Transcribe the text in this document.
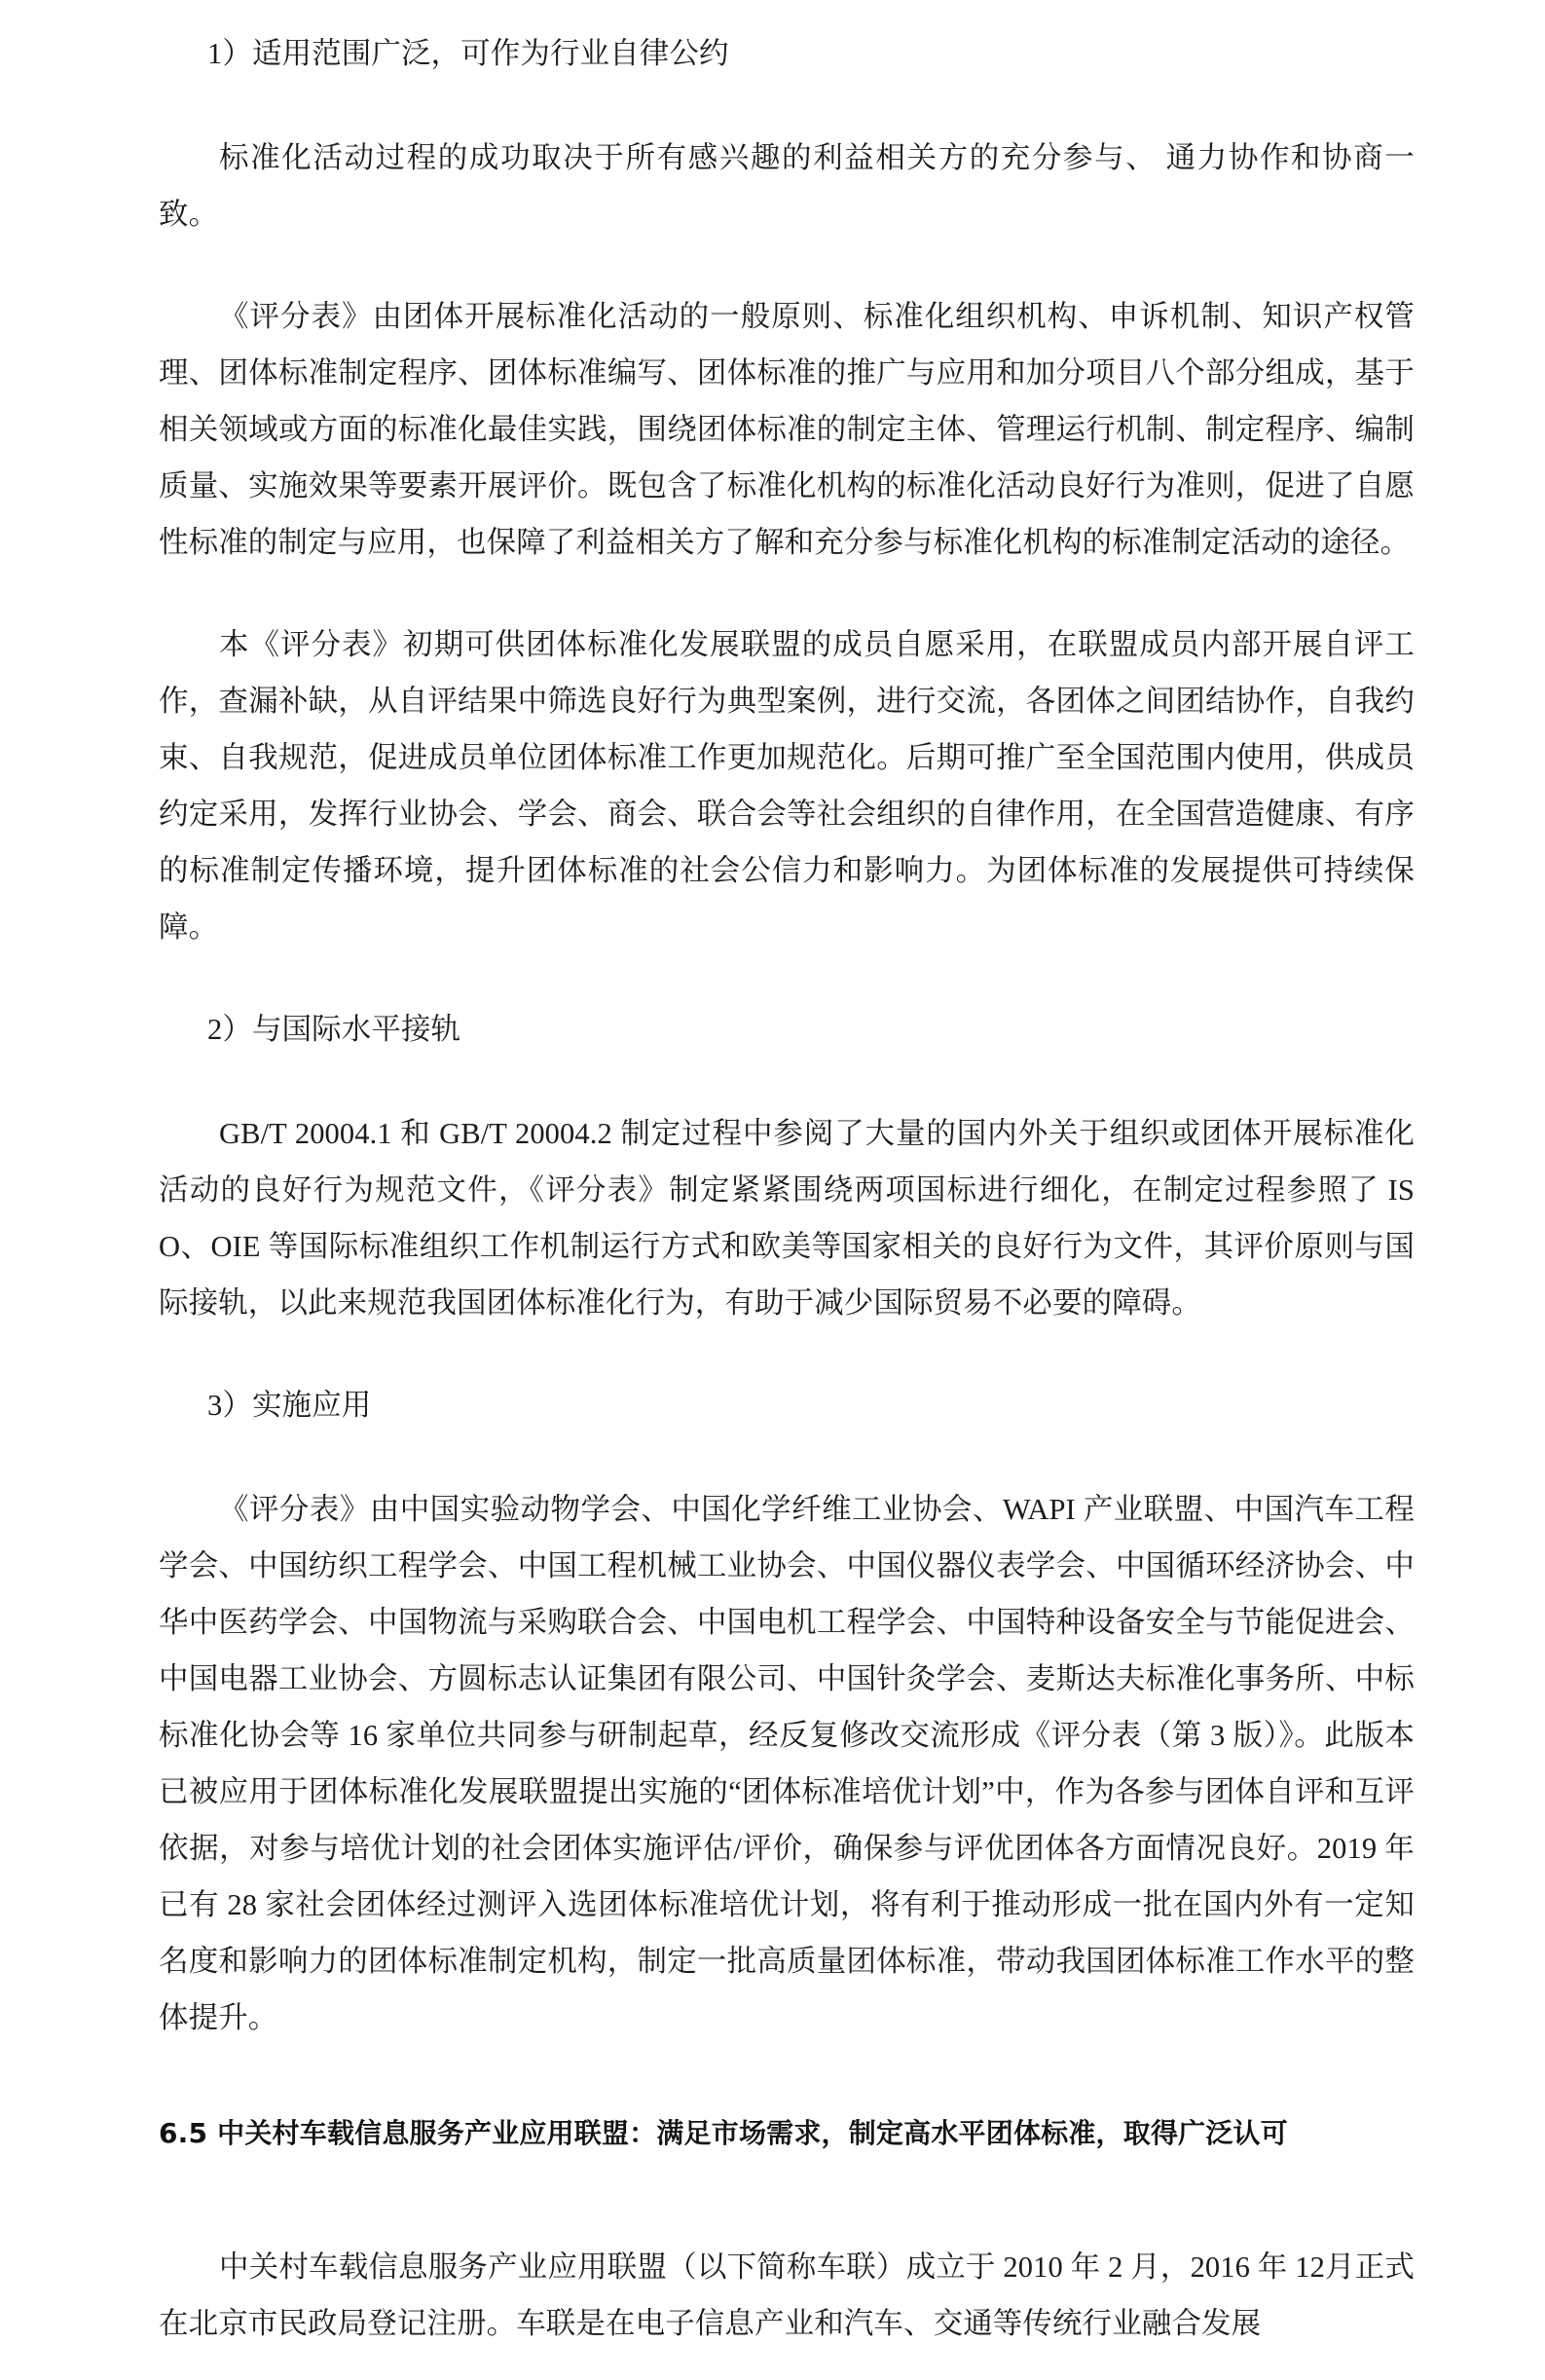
1）适用范围广泛，可作为行业自律公约

标准化活动过程的成功取决于所有感兴趣的利益相关方的充分参与、 通力协作和协商一致。

《评分表》由团体开展标准化活动的一般原则、标准化组织机构、申诉机制、知识产权管理、团体标准制定程序、团体标准编写、团体标准的推广与应用和加分项目八个部分组成，基于相关领域或方面的标准化最佳实践，围绕团体标准的制定主体、管理运行机制、制定程序、编制质量、实施效果等要素开展评价。既包含了标准化机构的标准化活动良好行为准则，促进了自愿性标准的制定与应用，也保障了利益相关方了解和充分参与标准化机构的标准制定活动的途径。

本《评分表》初期可供团体标准化发展联盟的成员自愿采用，在联盟成员内部开展自评工作，查漏补缺，从自评结果中筛选良好行为典型案例，进行交流，各团体之间团结协作，自我约束、自我规范，促进成员单位团体标准工作更加规范化。后期可推广至全国范围内使用，供成员约定采用，发挥行业协会、学会、商会、联合会等社会组织的自律作用，在全国营造健康、有序的标准制定传播环境，提升团体标准的社会公信力和影响力。为团体标准的发展提供可持续保障。

2）与国际水平接轨

GB/T 20004.1 和 GB/T 20004.2 制定过程中参阅了大量的国内外关于组织或团体开展标准化活动的良好行为规范文件，《评分表》制定紧紧围绕两项国标进行细化，在制定过程参照了 ISO、OIE 等国际标准组织工作机制运行方式和欧美等国家相关的良好行为文件，其评价原则与国际接轨，以此来规范我国团体标准化行为，有助于减少国际贸易不必要的障碍。

3）实施应用

《评分表》由中国实验动物学会、中国化学纤维工业协会、WAPI 产业联盟、中国汽车工程学会、中国纺织工程学会、中国工程机械工业协会、中国仪器仪表学会、中国循环经济协会、中华中医药学会、中国物流与采购联合会、中国电机工程学会、中国特种设备安全与节能促进会、中国电器工业协会、方圆标志认证集团有限公司、中国针灸学会、麦斯达夫标准化事务所、中标标准化协会等 16 家单位共同参与研制起草，经反复修改交流形成《评分表（第 3 版）》。此版本已被应用于团体标准化发展联盟提出实施的“团体标准培优计划”中，作为各参与团体自评和互评依据，对参与培优计划的社会团体实施评估/评价，确保参与评优团体各方面情况良好。2019 年已有 28 家社会团体经过测评入选团体标准培优计划，将有利于推动形成一批在国内外有一定知名度和影响力的团体标准制定机构，制定一批高质量团体标准，带动我国团体标准工作水平的整体提升。

6.5 中关村车载信息服务产业应用联盟：满足市场需求，制定高水平团体标准，取得广泛认可

中关村车载信息服务产业应用联盟（以下简称车联）成立于 2010 年 2 月，2016 年 12月正式在北京市民政局登记注册。车联是在电子信息产业和汽车、交通等传统行业融合发展
